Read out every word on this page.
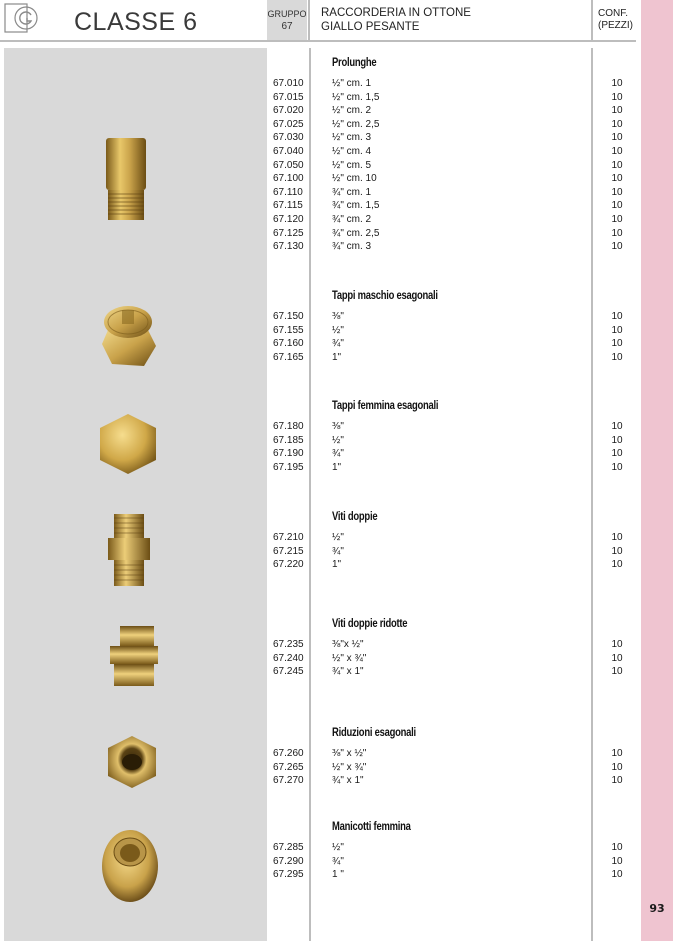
93
CLASSE 6	GRUPPO
67
RACCORDERIA IN OTTONE
GIALLO PESANTE
CONF.
(PEZZI)
Prolunghe
67.010	½" cm. 1	10
67.015	½" cm. 1,5	10
67.020	½" cm. 2	10
67.025	½" cm. 2,5	10
67.030	½" cm. 3	10
67.040	½" cm. 4	10
67.050	½" cm. 5	10
67.100	½" cm. 10	10
67.110	¾" cm. 1	10
67.115	¾" cm. 1,5	10
67.120	¾" cm. 2	10
67.125	¾" cm. 2,5	10
67.130	¾" cm. 3	10
Tappi maschio esagonali
67.150	⅜"	10
67.155	½"	10
67.160	¾"	10
67.165	1"	10
Tappi femmina esagonali
67.180	⅜"	10
67.185	½"	10
67.190	¾"	10
67.195	1"	10
Viti doppie
67.210	½"	10
67.215	¾"	10
67.220	1"	10
Viti doppie ridotte
67.235	⅜"x ½"	10
67.240	½" x ¾"	10
67.245	¾" x 1"	10
Riduzioni esagonali
67.260	⅜" x ½"	10
67.265	½" x ¾"	10
67.270	¾" x 1"	10
Manicotti femmina
67.285	½"	10
67.290	¾"	10
67.295	1 "	10
